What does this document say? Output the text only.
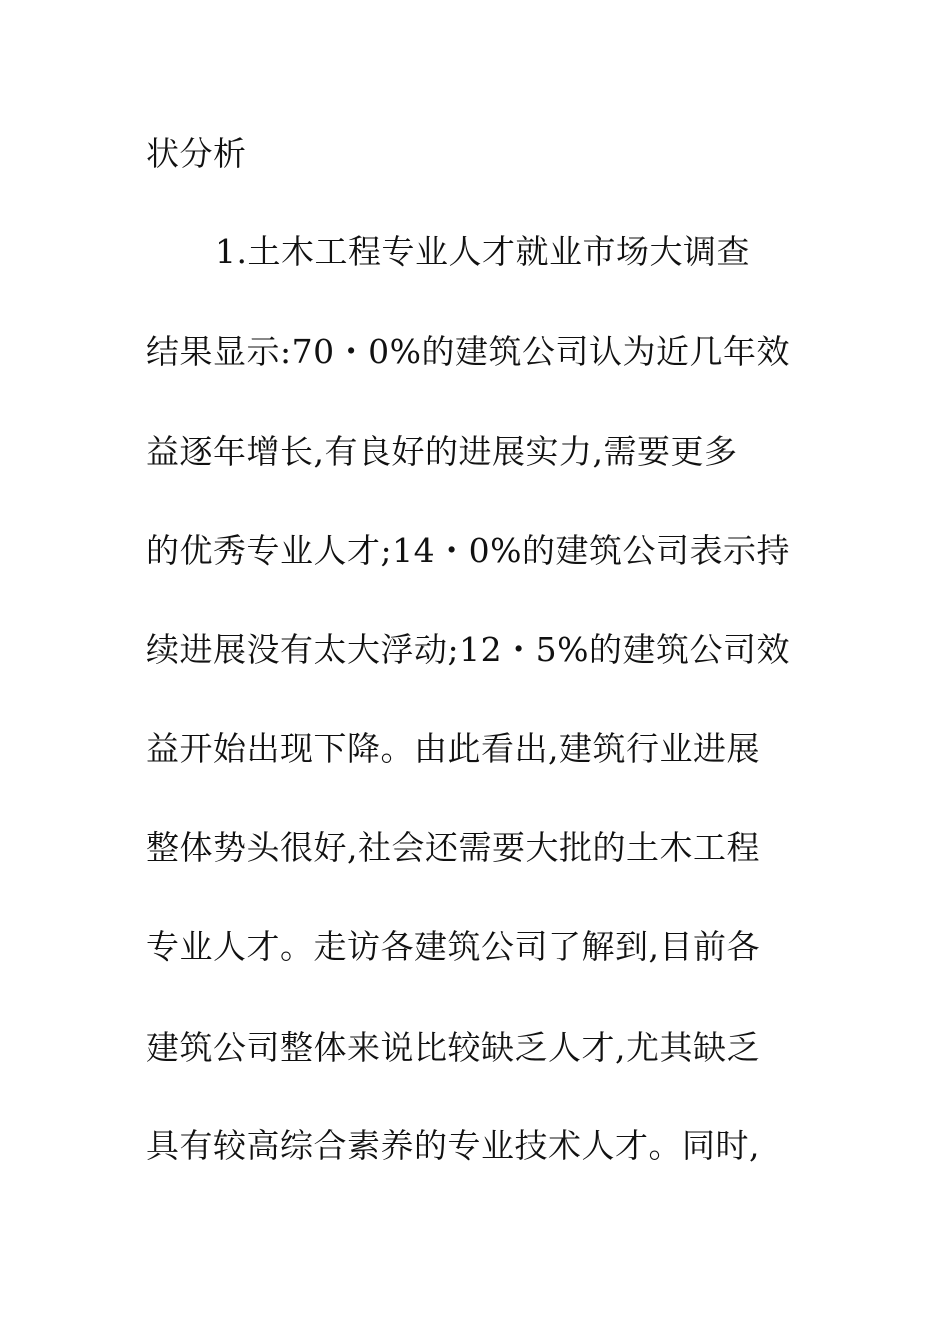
状分析
1.土木工程专业人才就业市场大调查
结果显示:70・0%的建筑公司认为近几年效
益逐年增长,有良好的进展实力,需要更多
的优秀专业人才;14・0%的建筑公司表示持
续进展没有太大浮动;12・5%的建筑公司效
益开始出现下降。由此看出,建筑行业进展
整体势头很好,社会还需要大批的土木工程
专业人才。走访各建筑公司了解到,目前各
建筑公司整体来说比较缺乏人才,尤其缺乏
具有较高综合素养的专业技术人才。同时,
